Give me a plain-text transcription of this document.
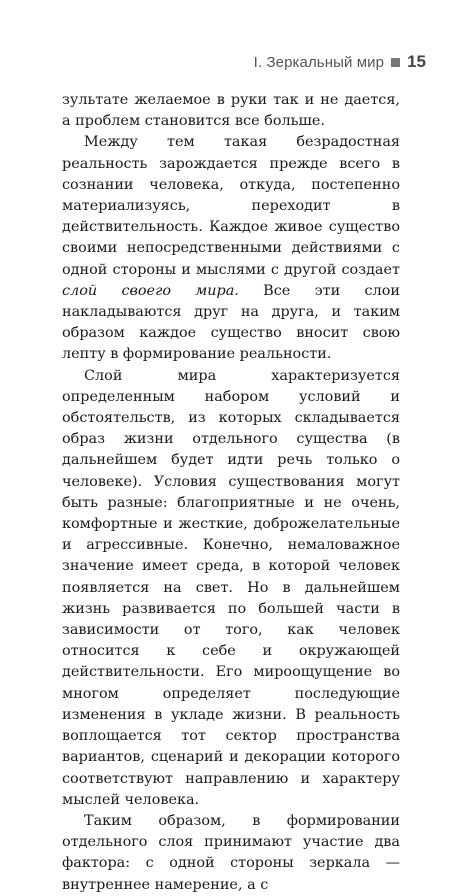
I. Зеркальный мир 15

зультате желаемое в руки так и не дается, а проблем становится все больше.

Между тем такая безрадостная реальность зарождается прежде всего в сознании человека, откуда, постепенно материализуясь, переходит в действительность. Каждое живое существо своими непосредственными действиями с одной стороны и мыслями с другой создает слой своего мира. Все эти слои накладываются друг на друга, и таким образом каждое существо вносит свою лепту в формирование реальности.

Слой мира характеризуется определенным набором условий и обстоятельств, из которых складывается образ жизни отдельного существа (в дальнейшем будет идти речь только о человеке). Условия существования могут быть разные: благоприятные и не очень, комфортные и жесткие, доброжелательные и агрессивные. Конечно, немаловажное значение имеет среда, в которой человек появляется на свет. Но в дальнейшем жизнь развивается по большей части в зависимости от того, как человек относится к себе и окружающей действительности. Его мироощущение во многом определяет последующие изменения в укладе жизни. В реальность воплощается тот сектор пространства вариантов, сценарий и декорации которого соответствуют направлению и характеру мыслей человека.

Таким образом, в формировании отдельного слоя принимают участие два фактора: с одной стороны зеркала — внутреннее намерение, а с
